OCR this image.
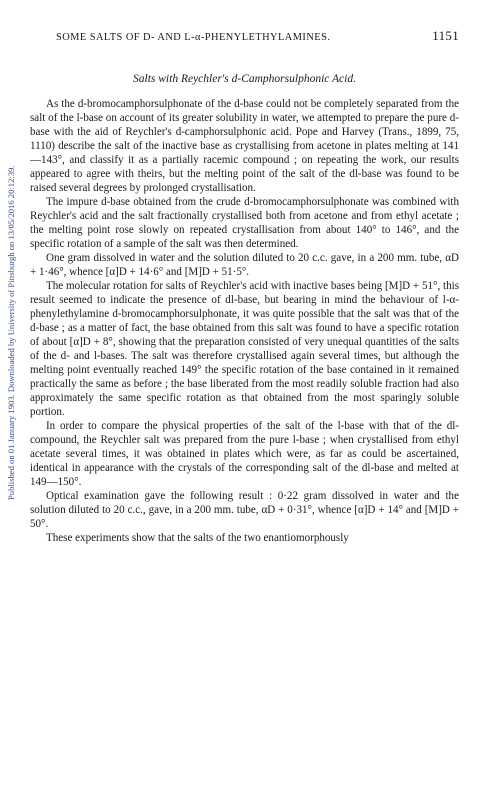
SOME SALTS OF D- AND L-α-PHENYLETHYLAMINES.	1151
Published on 01 January 1903. Downloaded by University of Pittsburgh on 13/05/2016 20:12:39.
Salts with Reychler's d-Camphorsulphonic Acid.

As the d-bromocamphorsulphonate of the d-base could not be completely separated from the salt of the l-base on account of its greater solubility in water, we attempted to prepare the pure d-base with the aid of Reychler's d-camphorsulphonic acid. Pope and Harvey (Trans., 1899, 75, 1110) describe the salt of the inactive base as crystallising from acetone in plates melting at 141—143°, and classify it as a partially racemic compound ; on repeating the work, our results appeared to agree with theirs, but the melting point of the salt of the dl-base was found to be raised several degrees by prolonged crystallisation.

The impure d-base obtained from the crude d-bromocamphorsulphonate was combined with Reychler's acid and the salt fractionally crystallised both from acetone and from ethyl acetate ; the melting point rose slowly on repeated crystallisation from about 140° to 146°, and the specific rotation of a sample of the salt was then determined.

One gram dissolved in water and the solution diluted to 20 c.c. gave, in a 200 mm. tube, αD + 1·46°, whence [α]D + 14·6° and [M]D + 51·5°.

The molecular rotation for salts of Reychler's acid with inactive bases being [M]D + 51°, this result seemed to indicate the presence of dl-base, but bearing in mind the behaviour of l-α-phenylethylamine d-bromocamphorsulphonate, it was quite possible that the salt was that of the d-base ; as a matter of fact, the base obtained from this salt was found to have a specific rotation of about [α]D + 8°, showing that the preparation consisted of very unequal quantities of the salts of the d- and l-bases. The salt was therefore crystallised again several times, but although the melting point eventually reached 149° the specific rotation of the base contained in it remained practically the same as before ; the base liberated from the most readily soluble fraction had also approximately the same specific rotation as that obtained from the most sparingly soluble portion.

In order to compare the physical properties of the salt of the l-base with that of the dl-compound, the Reychler salt was prepared from the pure l-base ; when crystallised from ethyl acetate several times, it was obtained in plates which were, as far as could be ascertained, identical in appearance with the crystals of the corresponding salt of the dl-base and melted at 149—150°.

Optical examination gave the following result : 0·22 gram dissolved in water and the solution diluted to 20 c.c., gave, in a 200 mm. tube, αD + 0·31°, whence [α]D + 14° and [M]D + 50°.

These experiments show that the salts of the two enantiomorphously
